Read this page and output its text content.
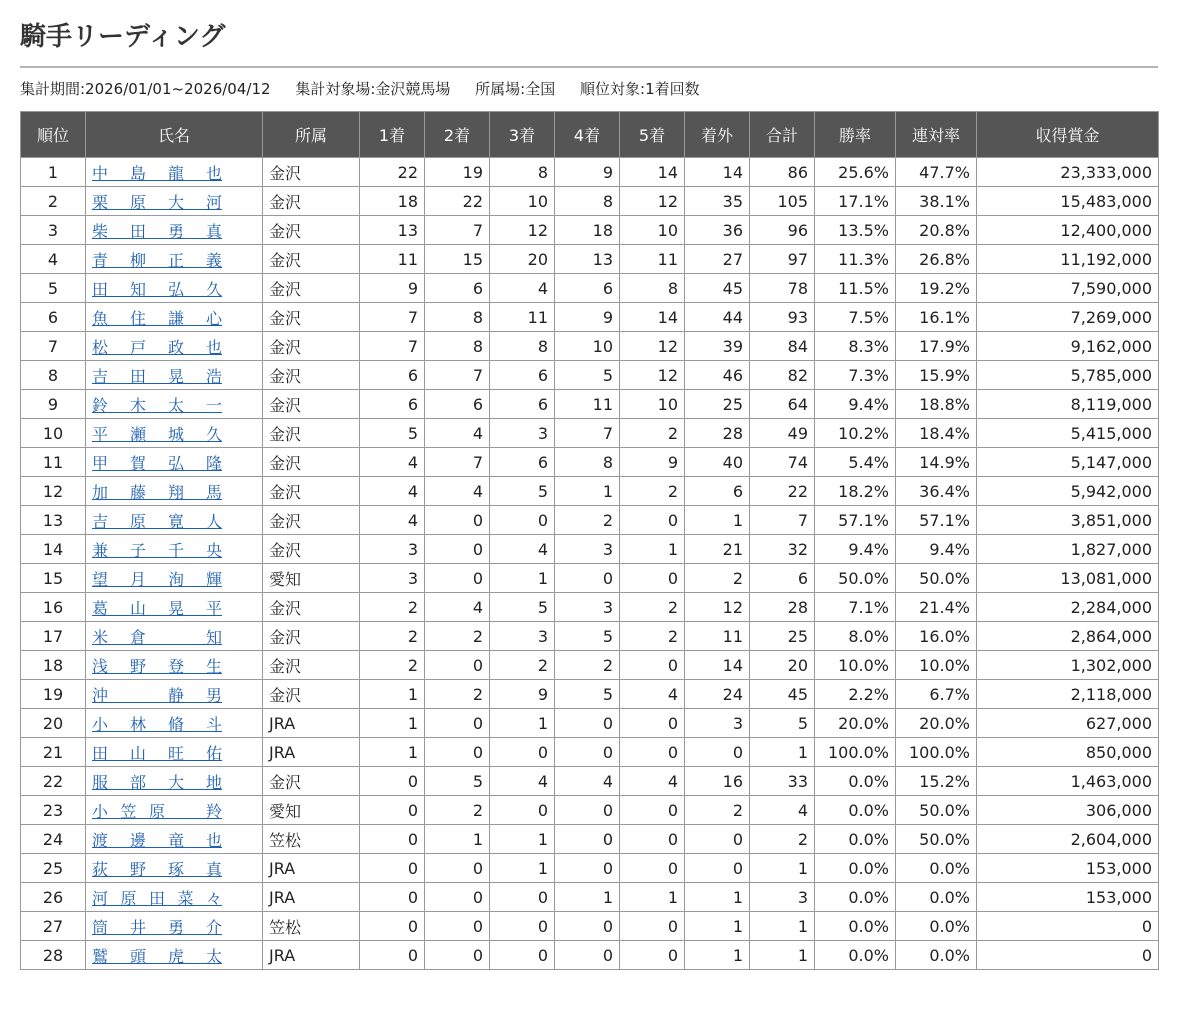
騎手リーディング
集計期間:2026/01/01~2026/04/12 集計対象場:金沢競馬場 所属場:全国 順位対象:1着回数
順位	氏名	所属	1着	2着	3着	4着	5着	着外	合計	勝率	連対率	収得賞金
1	中島龍也	金沢	22	19	8	9	14	14	86	25.6%	47.7%	23,333,000
2	栗原大河	金沢	18	22	10	8	12	35	105	17.1%	38.1%	15,483,000
3	柴田勇真	金沢	13	7	12	18	10	36	96	13.5%	20.8%	12,400,000
4	青柳正義	金沢	11	15	20	13	11	27	97	11.3%	26.8%	11,192,000
5	田知弘久	金沢	9	6	4	6	8	45	78	11.5%	19.2%	7,590,000
6	魚住謙心	金沢	7	8	11	9	14	44	93	7.5%	16.1%	7,269,000
7	松戸政也	金沢	7	8	8	10	12	39	84	8.3%	17.9%	9,162,000
8	吉田晃浩	金沢	6	7	6	5	12	46	82	7.3%	15.9%	5,785,000
9	鈴木太一	金沢	6	6	6	11	10	25	64	9.4%	18.8%	8,119,000
10	平瀬城久	金沢	5	4	3	7	2	28	49	10.2%	18.4%	5,415,000
11	甲賀弘隆	金沢	4	7	6	8	9	40	74	5.4%	14.9%	5,147,000
12	加藤翔馬	金沢	4	4	5	1	2	6	22	18.2%	36.4%	5,942,000
13	吉原寛人	金沢	4	0	0	2	0	1	7	57.1%	57.1%	3,851,000
14	兼子千央	金沢	3	0	4	3	1	21	32	9.4%	9.4%	1,827,000
15	望月洵輝	愛知	3	0	1	0	0	2	6	50.0%	50.0%	13,081,000
16	葛山晃平	金沢	2	4	5	3	2	12	28	7.1%	21.4%	2,284,000
17	米倉　知	金沢	2	2	3	5	2	11	25	8.0%	16.0%	2,864,000
18	浅野登生	金沢	2	0	2	2	0	14	20	10.0%	10.0%	1,302,000
19	沖　静男	金沢	1	2	9	5	4	24	45	2.2%	6.7%	2,118,000
20	小林脩斗	JRA	1	0	1	0	0	3	5	20.0%	20.0%	627,000
21	田山旺佑	JRA	1	0	0	0	0	0	1	100.0%	100.0%	850,000
22	服部大地	金沢	0	5	4	4	4	16	33	0.0%	15.2%	1,463,000
23	小笠原　羚	愛知	0	2	0	0	0	2	4	0.0%	50.0%	306,000
24	渡邊竜也	笠松	0	1	1	0	0	0	2	0.0%	50.0%	2,604,000
25	荻野琢真	JRA	0	0	1	0	0	0	1	0.0%	0.0%	153,000
26	河原田菜々	JRA	0	0	0	1	1	1	3	0.0%	0.0%	153,000
27	筒井勇介	笠松	0	0	0	0	0	1	1	0.0%	0.0%	0
28	鷲頭虎太	JRA	0	0	0	0	0	1	1	0.0%	0.0%	0
